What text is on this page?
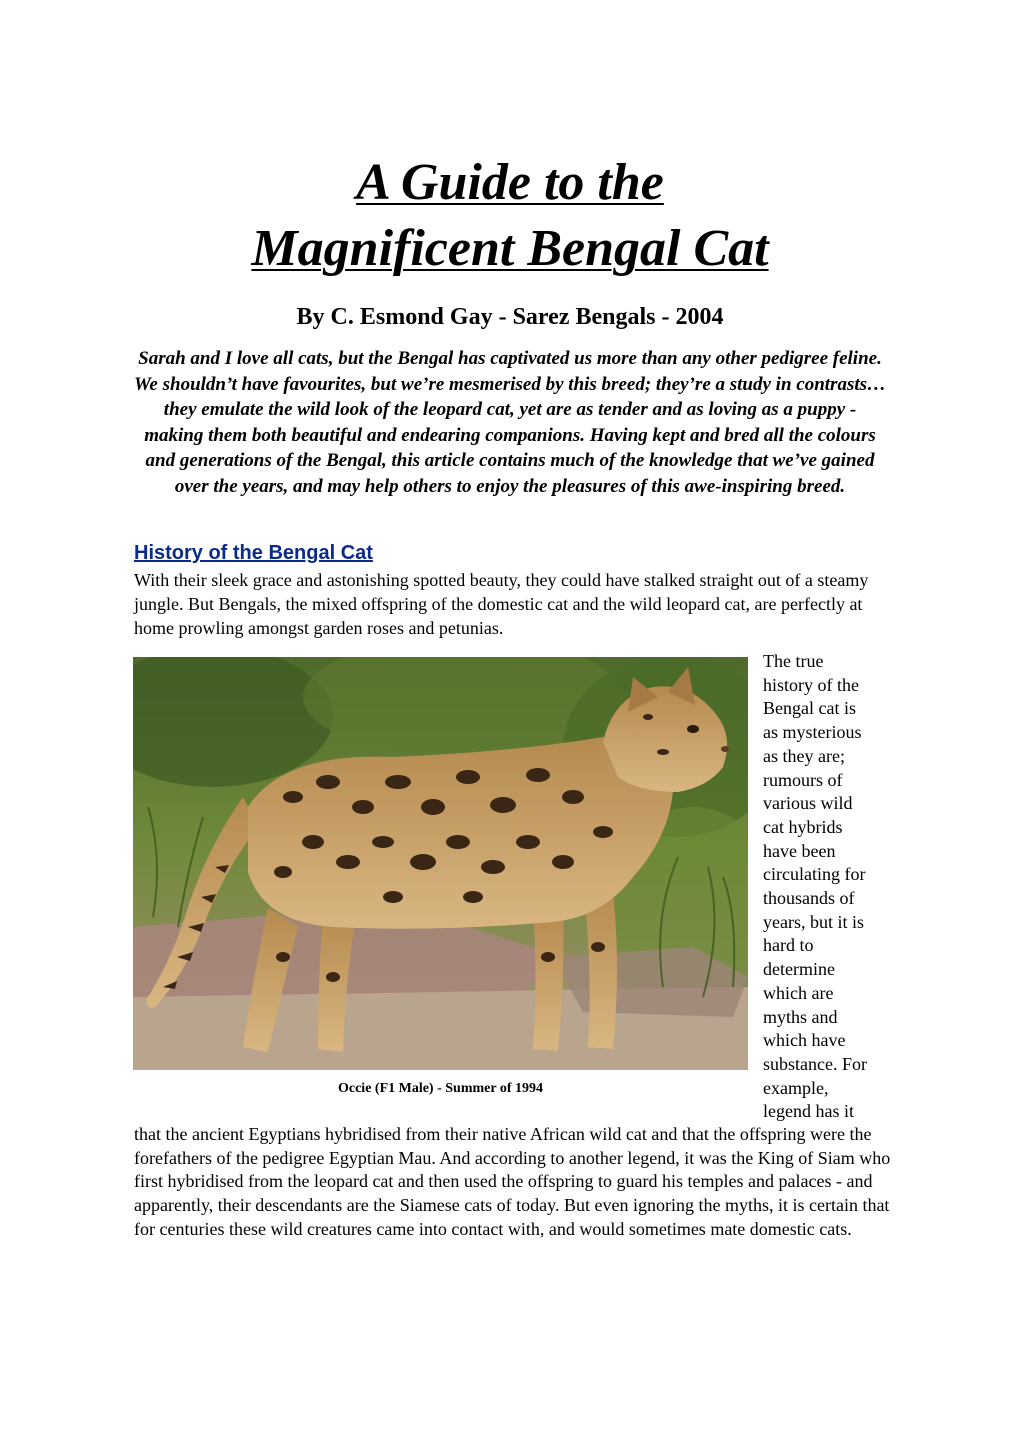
A Guide to the
Magnificent Bengal Cat
By C. Esmond Gay - Sarez Bengals - 2004

Sarah and I love all cats, but the Bengal has captivated us more than any other pedigree feline. We shouldn’t have favourites, but we’re mesmerised by this breed; they’re a study in contrasts… they emulate the wild look of the leopard cat, yet are as tender and as loving as a puppy - making them both beautiful and endearing companions. Having kept and bred all the colours and generations of the Bengal, this article contains much of the knowledge that we’ve gained over the years, and may help others to enjoy the pleasures of this awe-inspiring breed.

History of the Bengal Cat

With their sleek grace and astonishing spotted beauty, they could have stalked straight out of a steamy jungle. But Bengals, the mixed offspring of the domestic cat and the wild leopard cat, are perfectly at home prowling amongst garden roses and petunias.

Occie (F1 Male) - Summer of 1994

The true
history of the
Bengal cat is
as mysterious
as they are;
rumours of
various wild
cat hybrids
have been
circulating for
thousands of
years, but it is
hard to
determine
which are
myths and
which have
substance. For
example,
legend has it

that the ancient Egyptians hybridised from their native African wild cat and that the offspring were the forefathers of the pedigree Egyptian Mau. And according to another legend, it was the King of Siam who first hybridised from the leopard cat and then used the offspring to guard his temples and palaces - and apparently, their descendants are the Siamese cats of today. But even ignoring the myths, it is certain that for centuries these wild creatures came into contact with, and would sometimes mate domestic cats.
